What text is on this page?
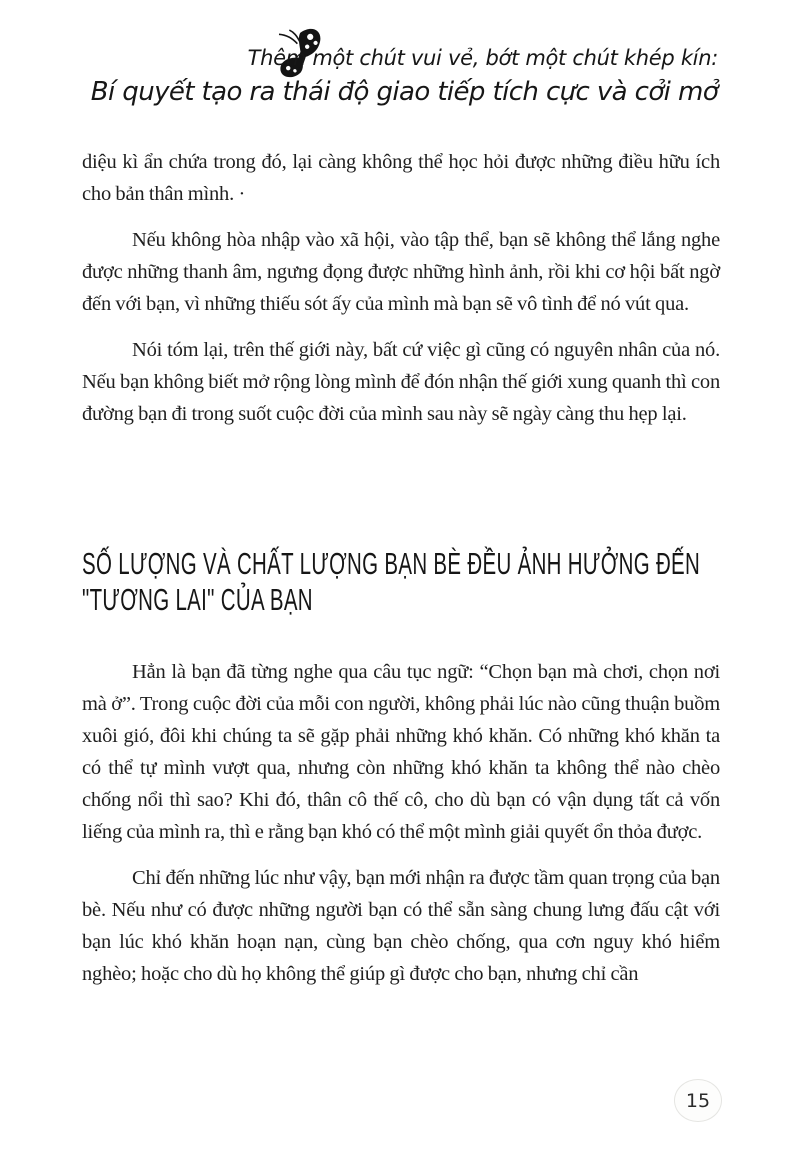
Thêm một chút vui vẻ, bớt một chút khép kín:
Bí quyết tạo ra thái độ giao tiếp tích cực và cởi mở

diệu kì ẩn chứa trong đó, lại càng không thể học hỏi được những điều hữu ích cho bản thân mình. ·

Nếu không hòa nhập vào xã hội, vào tập thể, bạn sẽ không thể lắng nghe được những thanh âm, ngưng đọng được những hình ảnh, rồi khi cơ hội bất ngờ đến với bạn, vì những thiếu sót ấy của mình mà bạn sẽ vô tình để nó vút qua.

Nói tóm lại, trên thế giới này, bất cứ việc gì cũng có nguyên nhân của nó. Nếu bạn không biết mở rộng lòng mình để đón nhận thế giới xung quanh thì con đường bạn đi trong suốt cuộc đời của mình sau này sẽ ngày càng thu hẹp lại.

SỐ LƯỢNG VÀ CHẤT LƯỢNG BẠN BÈ ĐỀU ẢNH HƯỞNG ĐẾN
"TƯƠNG LAI" CỦA BẠN

Hẳn là bạn đã từng nghe qua câu tục ngữ: “Chọn bạn mà chơi, chọn nơi mà ở”. Trong cuộc đời của mỗi con người, không phải lúc nào cũng thuận buồm xuôi gió, đôi khi chúng ta sẽ gặp phải những khó khăn. Có những khó khăn ta có thể tự mình vượt qua, nhưng còn những khó khăn ta không thể nào chèo chống nổi thì sao? Khi đó, thân cô thế cô, cho dù bạn có vận dụng tất cả vốn liếng của mình ra, thì e rằng bạn khó có thể một mình giải quyết ổn thỏa được.

Chỉ đến những lúc như vậy, bạn mới nhận ra được tầm quan trọng của bạn bè. Nếu như có được những người bạn có thể sẵn sàng chung lưng đấu cật với bạn lúc khó khăn hoạn nạn, cùng bạn chèo chống, qua cơn nguy khó hiểm nghèo; hoặc cho dù họ không thể giúp gì được cho bạn, nhưng chỉ cần

15
